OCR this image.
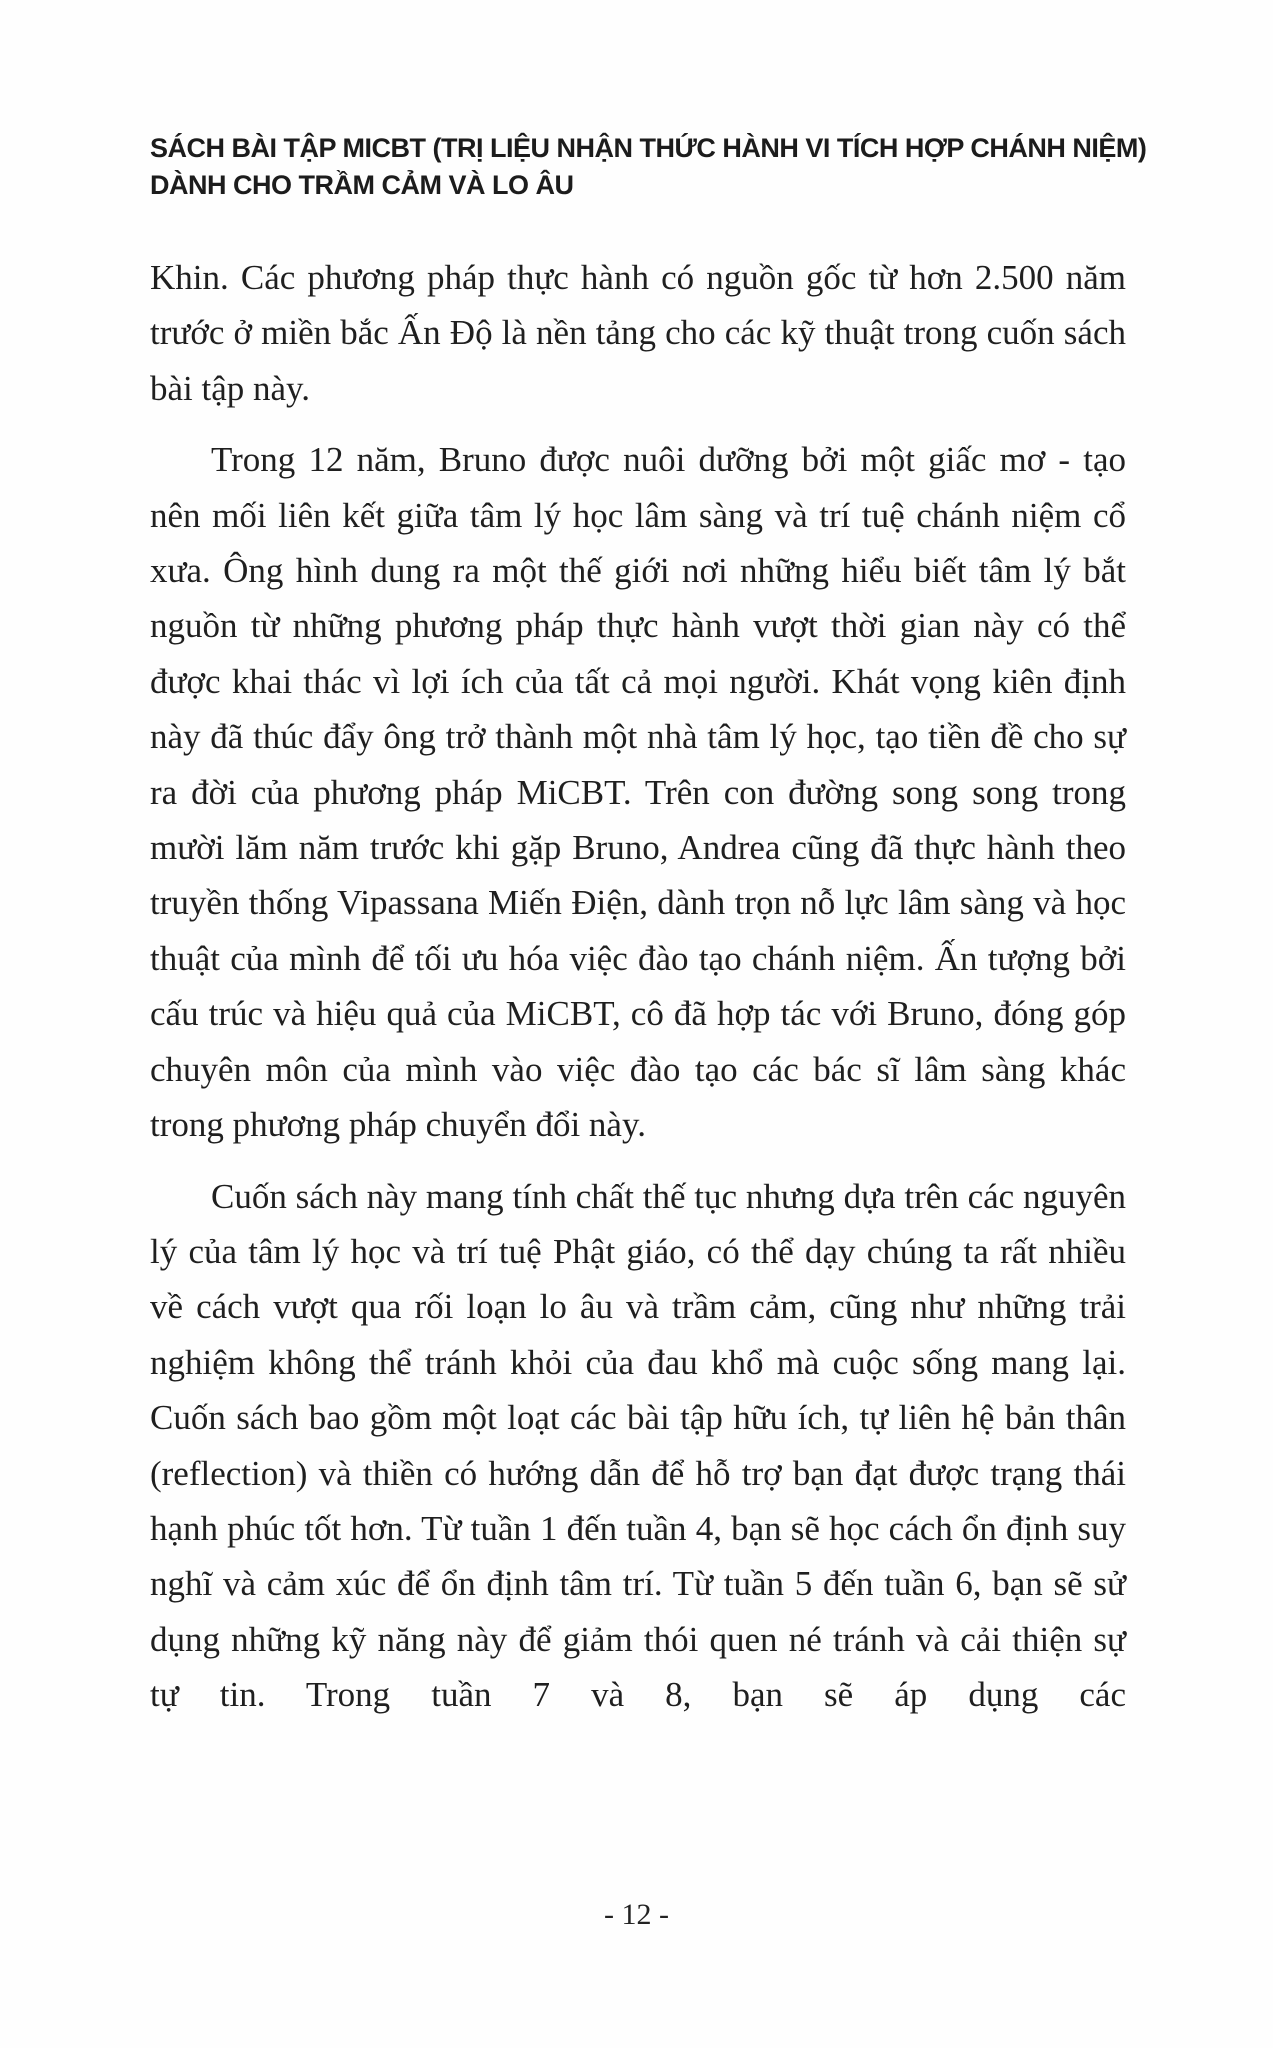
SÁCH BÀI TẬP MICBT (TRỊ LIỆU NHẬN THỨC HÀNH VI TÍCH HỢP CHÁNH NIỆM)
DÀNH CHO TRẦM CẢM VÀ LO ÂU

Khin. Các phương pháp thực hành có nguồn gốc từ hơn 2.500 năm trước ở miền bắc Ấn Độ là nền tảng cho các kỹ thuật trong cuốn sách bài tập này.

Trong 12 năm, Bruno được nuôi dưỡng bởi một giấc mơ - tạo nên mối liên kết giữa tâm lý học lâm sàng và trí tuệ chánh niệm cổ xưa. Ông hình dung ra một thế giới nơi những hiểu biết tâm lý bắt nguồn từ những phương pháp thực hành vượt thời gian này có thể được khai thác vì lợi ích của tất cả mọi người. Khát vọng kiên định này đã thúc đẩy ông trở thành một nhà tâm lý học, tạo tiền đề cho sự ra đời của phương pháp MiCBT. Trên con đường song song trong mười lăm năm trước khi gặp Bruno, Andrea cũng đã thực hành theo truyền thống Vipassana Miến Điện, dành trọn nỗ lực lâm sàng và học thuật của mình để tối ưu hóa việc đào tạo chánh niệm. Ấn tượng bởi cấu trúc và hiệu quả của MiCBT, cô đã hợp tác với Bruno, đóng góp chuyên môn của mình vào việc đào tạo các bác sĩ lâm sàng khác trong phương pháp chuyển đổi này.

Cuốn sách này mang tính chất thế tục nhưng dựa trên các nguyên lý của tâm lý học và trí tuệ Phật giáo, có thể dạy chúng ta rất nhiều về cách vượt qua rối loạn lo âu và trầm cảm, cũng như những trải nghiệm không thể tránh khỏi của đau khổ mà cuộc sống mang lại. Cuốn sách bao gồm một loạt các bài tập hữu ích, tự liên hệ bản thân (reflection) và thiền có hướng dẫn để hỗ trợ bạn đạt được trạng thái hạnh phúc tốt hơn. Từ tuần 1 đến tuần 4, bạn sẽ học cách ổn định suy nghĩ và cảm xúc để ổn định tâm trí. Từ tuần 5 đến tuần 6, bạn sẽ sử dụng những kỹ năng này để giảm thói quen né tránh và cải thiện sự tự tin. Trong tuần 7 và 8, bạn sẽ áp dụng các

- 12 -
